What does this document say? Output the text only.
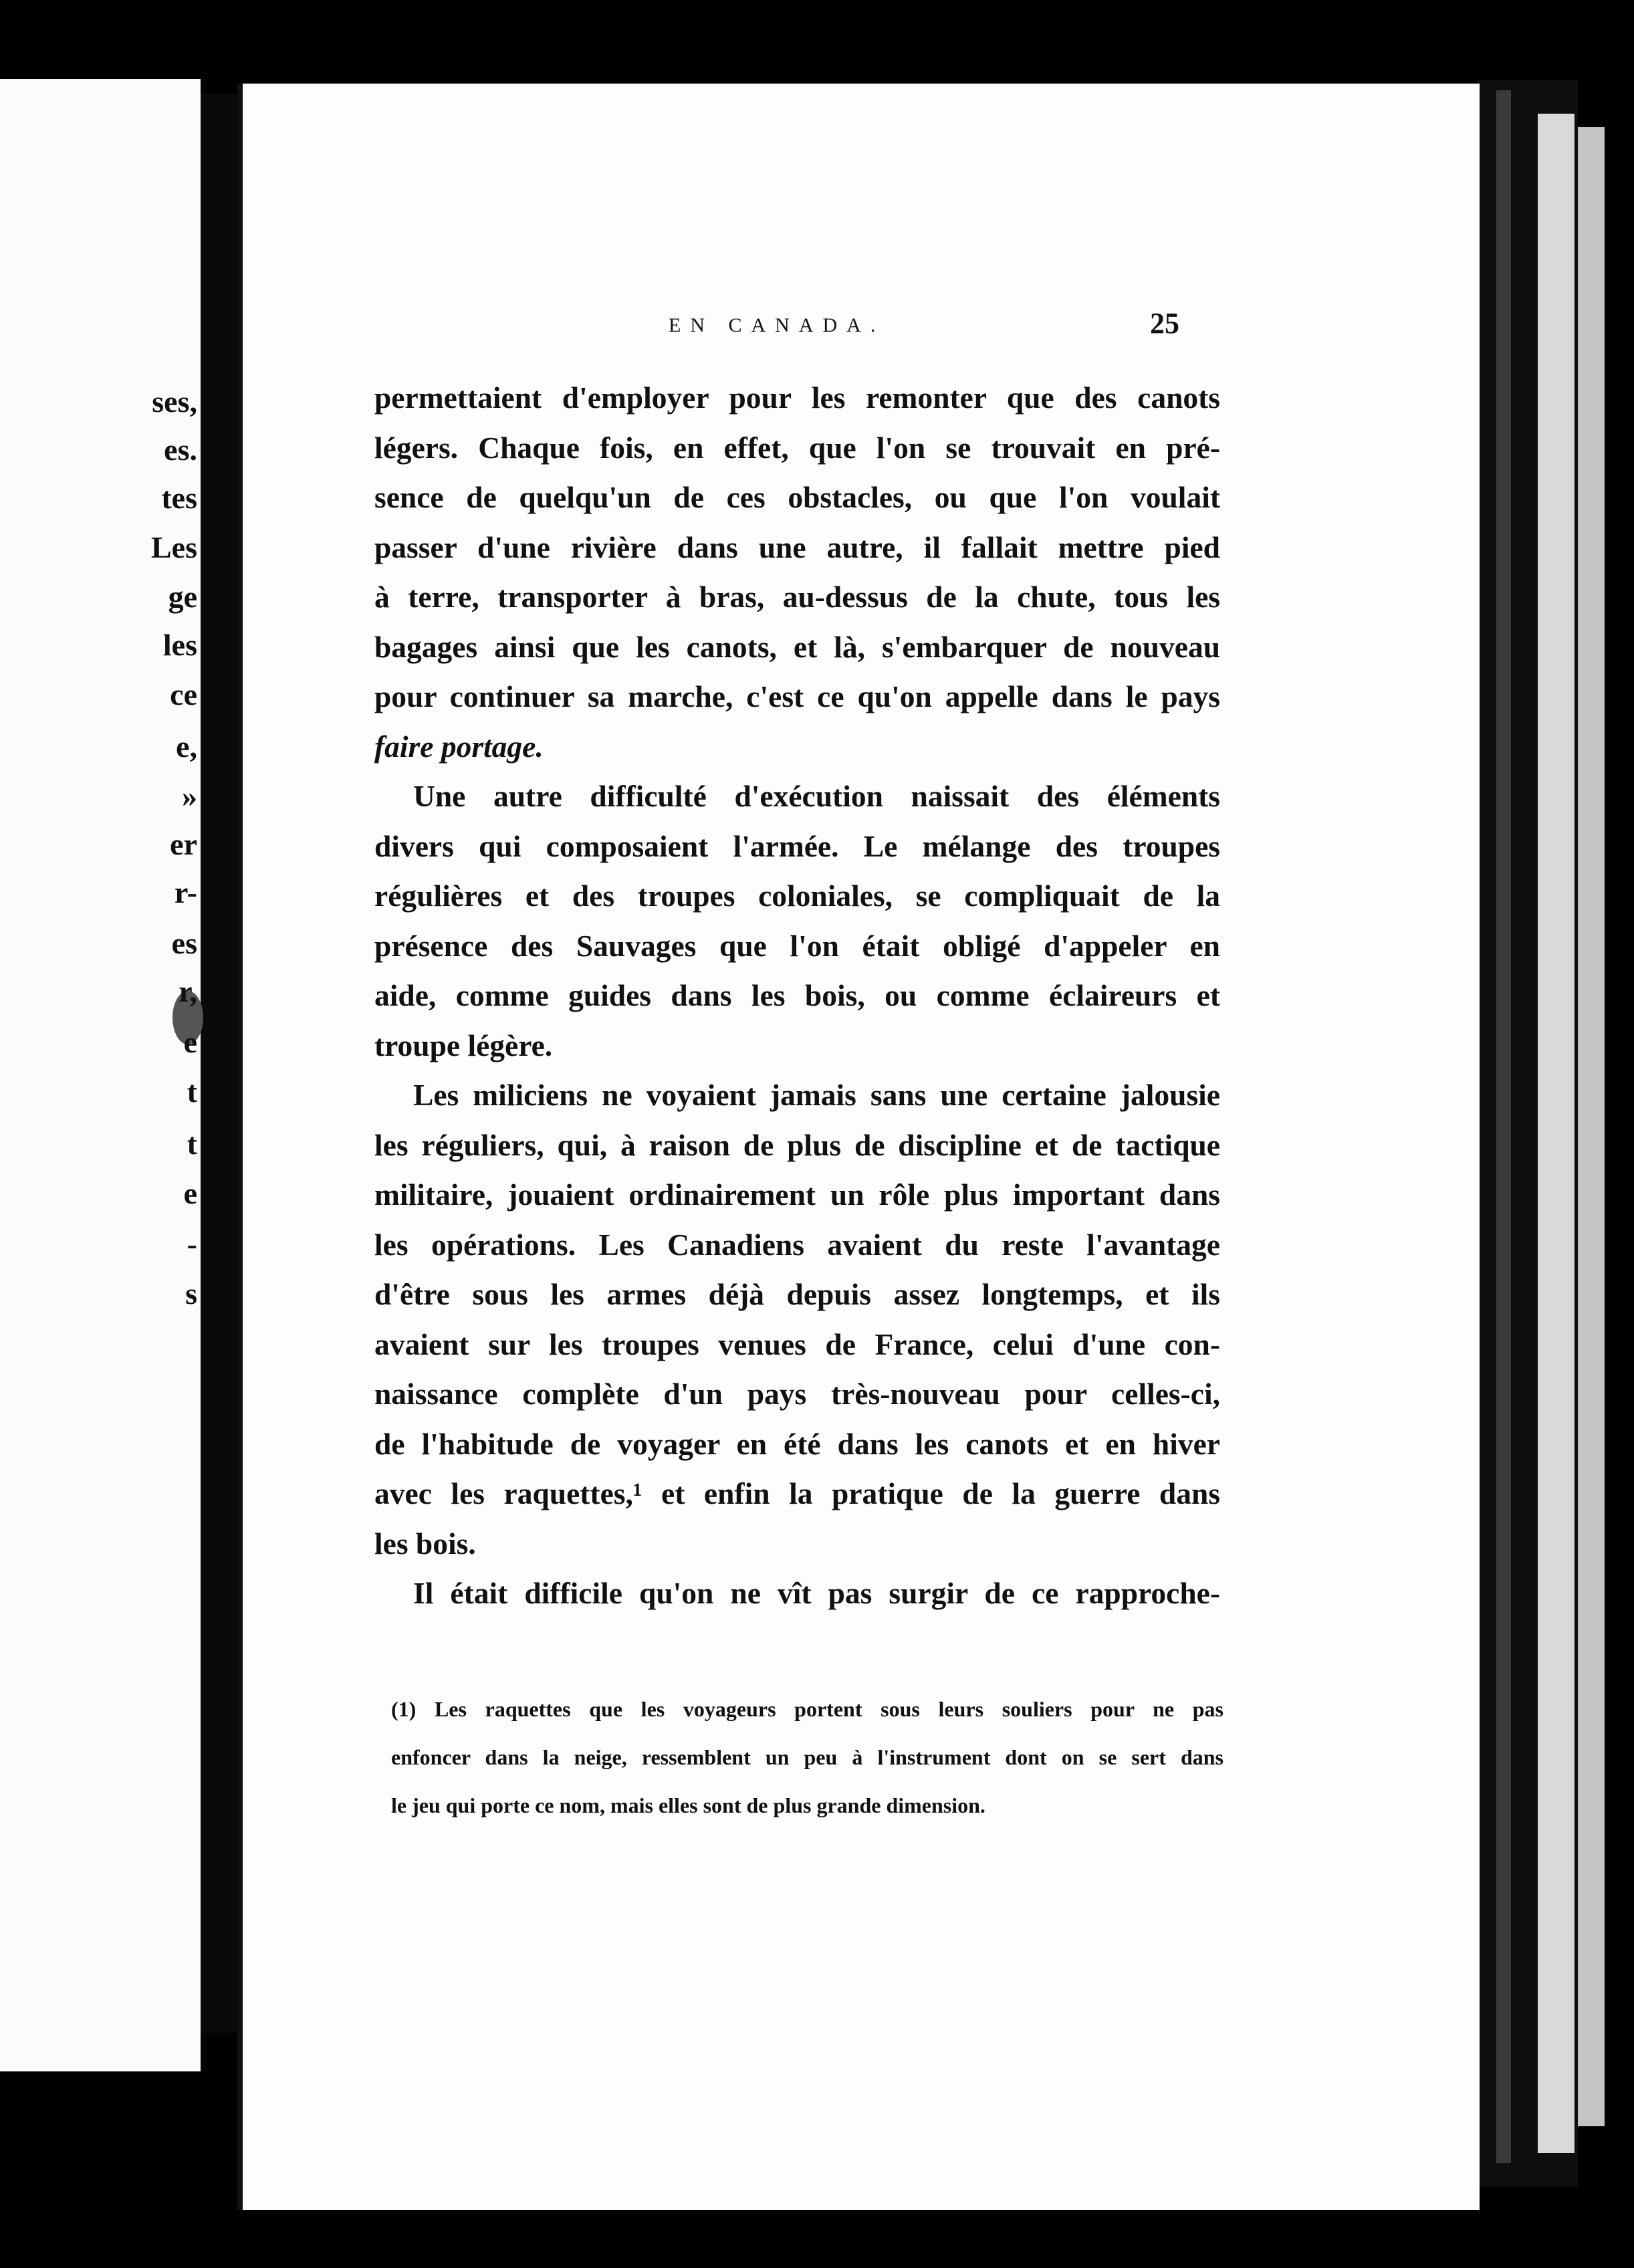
ses,
es.
tes
Les
ge
les
ce
e,
»
er
r-
es
r,
e
t
t
e
-
s
EN CANADA.	25
permettaient d'employer pour les remonter que des canots
légers. Chaque fois, en effet, que l'on se trouvait en pré-
sence de quelqu'un de ces obstacles, ou que l'on voulait
passer d'une rivière dans une autre, il fallait mettre pied
à terre, transporter à bras, au-dessus de la chute, tous les
bagages ainsi que les canots, et là, s'embarquer de nouveau
pour continuer sa marche, c'est ce qu'on appelle dans le pays
faire portage.
Une autre difficulté d'exécution naissait des éléments
divers qui composaient l'armée. Le mélange des troupes
régulières et des troupes coloniales, se compliquait de la
présence des Sauvages que l'on était obligé d'appeler en
aide, comme guides dans les bois, ou comme éclaireurs et
troupe légère.
Les miliciens ne voyaient jamais sans une certaine jalousie
les réguliers, qui, à raison de plus de discipline et de tactique
militaire, jouaient ordinairement un rôle plus important dans
les opérations. Les Canadiens avaient du reste l'avantage
d'être sous les armes déjà depuis assez longtemps, et ils
avaient sur les troupes venues de France, celui d'une con-
naissance complète d'un pays très-nouveau pour celles-ci,
de l'habitude de voyager en été dans les canots et en hiver
avec les raquettes,¹ et enfin la pratique de la guerre dans
les bois.
Il était difficile qu'on ne vît pas surgir de ce rapproche-
(1) Les raquettes que les voyageurs portent sous leurs souliers pour ne pas
enfoncer dans la neige, ressemblent un peu à l'instrument dont on se sert dans
le jeu qui porte ce nom, mais elles sont de plus grande dimension.
